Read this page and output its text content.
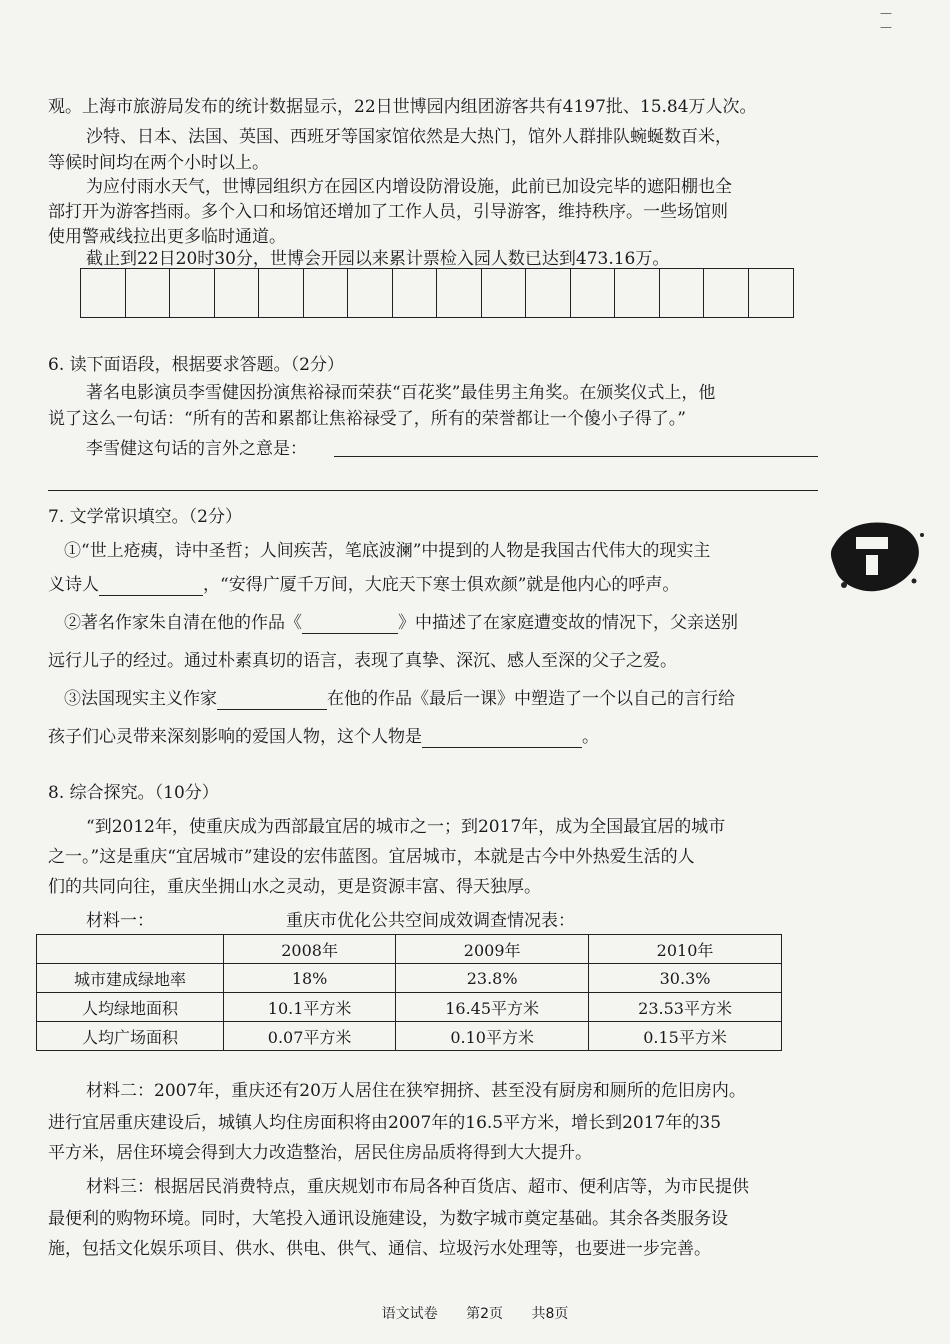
—
—
观。上海市旅游局发布的统计数据显示，22日世博园内组团游客共有4197批、15.84万人次。
沙特、日本、法国、英国、西班牙等国家馆依然是大热门，馆外人群排队蜿蜒数百米，
等候时间均在两个小时以上。
为应付雨水天气，世博园组织方在园区内增设防滑设施，此前已加设完毕的遮阳棚也全
部打开为游客挡雨。多个入口和场馆还增加了工作人员，引导游客，维持秩序。一些场馆则
使用警戒线拉出更多临时通道。
截止到22日20时30分，世博会开园以来累计票检入园人数已达到473.16万。
6. 读下面语段，根据要求答题。（2分）
著名电影演员李雪健因扮演焦裕禄而荣获“百花奖”最佳男主角奖。在颁奖仪式上，他
说了这么一句话：“所有的苦和累都让焦裕禄受了，所有的荣誉都让一个傻小子得了。”
李雪健这句话的言外之意是：
7. 文学常识填空。（2分）
①“世上疮痍，诗中圣哲；人间疾苦，笔底波澜”中提到的人物是我国古代伟大的现实主
义诗人	，“安得广厦千万间，大庇天下寒士俱欢颜”就是他内心的呼声。
②著名作家朱自清在他的作品《	》中描述了在家庭遭变故的情况下，父亲送别
远行儿子的经过。通过朴素真切的语言，表现了真挚、深沉、感人至深的父子之爱。
③法国现实主义作家	在他的作品《最后一课》中塑造了一个以自己的言行给
孩子们心灵带来深刻影响的爱国人物，这个人物是	。
8. 综合探究。（10分）
“到2012年，使重庆成为西部最宜居的城市之一；到2017年，成为全国最宜居的城市
之一。”这是重庆“宜居城市”建设的宏伟蓝图。宜居城市，本就是古今中外热爱生活的人
们的共同向往，重庆坐拥山水之灵动，更是资源丰富、得天独厚。
材料一：	重庆市优化公共空间成效调查情况表：
	2008年	2009年	2010年
城市建成绿地率	18%	23.8%	30.3%
人均绿地面积	10.1平方米	16.45平方米	23.53平方米
人均广场面积	0.07平方米	0.10平方米	0.15平方米
材料二：2007年，重庆还有20万人居住在狭窄拥挤、甚至没有厨房和厕所的危旧房内。
进行宜居重庆建设后，城镇人均住房面积将由2007年的16.5平方米，增长到2017年的35
平方米，居住环境会得到大力改造整治，居民住房品质将得到大大提升。
材料三：根据居民消费特点，重庆规划市布局各种百货店、超市、便利店等，为市民提供
最便利的购物环境。同时，大笔投入通讯设施建设，为数字城市奠定基础。其余各类服务设
施，包括文化娱乐项目、供水、供电、供气、通信、垃圾污水处理等，也要进一步完善。
语文试卷 第2页 共8页
